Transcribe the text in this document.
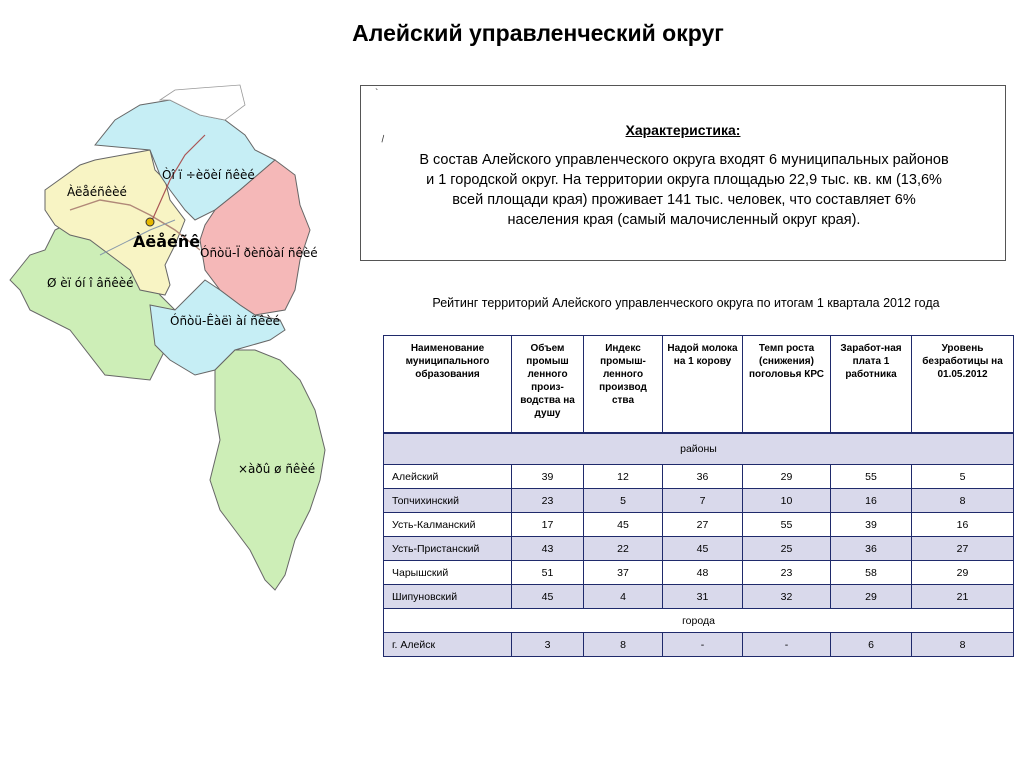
Алейский управленческий округ
Òî ï ÷èõèí ñêèé
Àëåéñêèé
Àëåéñê
Óñòü-Ï ðèñòàí ñêèé
Ø èï óí î âñêèé
Óñòü-Êàëì àí ñêèé
×àðû ø ñêèé
`
\
Характеристика:
В состав Алейского управленческого округа входят 6 муниципальных районов
и 1 городской округ. На территории округа площадью 22,9 тыс. кв. км (13,6%
всей площади края) проживает 141 тыс. человек, что составляет 6%
населения края (самый малочисленный округ края).
Рейтинг территорий Алейского управленческого округа по итогам 1 квартала 2012 года
Наименование муниципального образования	Объем промыш ленного произ-водства на душу	Индекс промыш-ленного производ ства	Надой молока на 1 корову	Темп роста (снижения) поголовья КРС	Заработ-ная плата 1 работника	Уровень безработицы на 01.05.2012
районы						
Алейский	39	12	36	29	55	5
Топчихинский	23	5	7	10	16	8
Усть-Калманский	17	45	27	55	39	16
Усть-Пристанский	43	22	45	25	36	27
Чарышский	51	37	48	23	58	29
Шипуновский	45	4	31	32	29	21
города						
г. Алейск	3	8	-	-	6	8
